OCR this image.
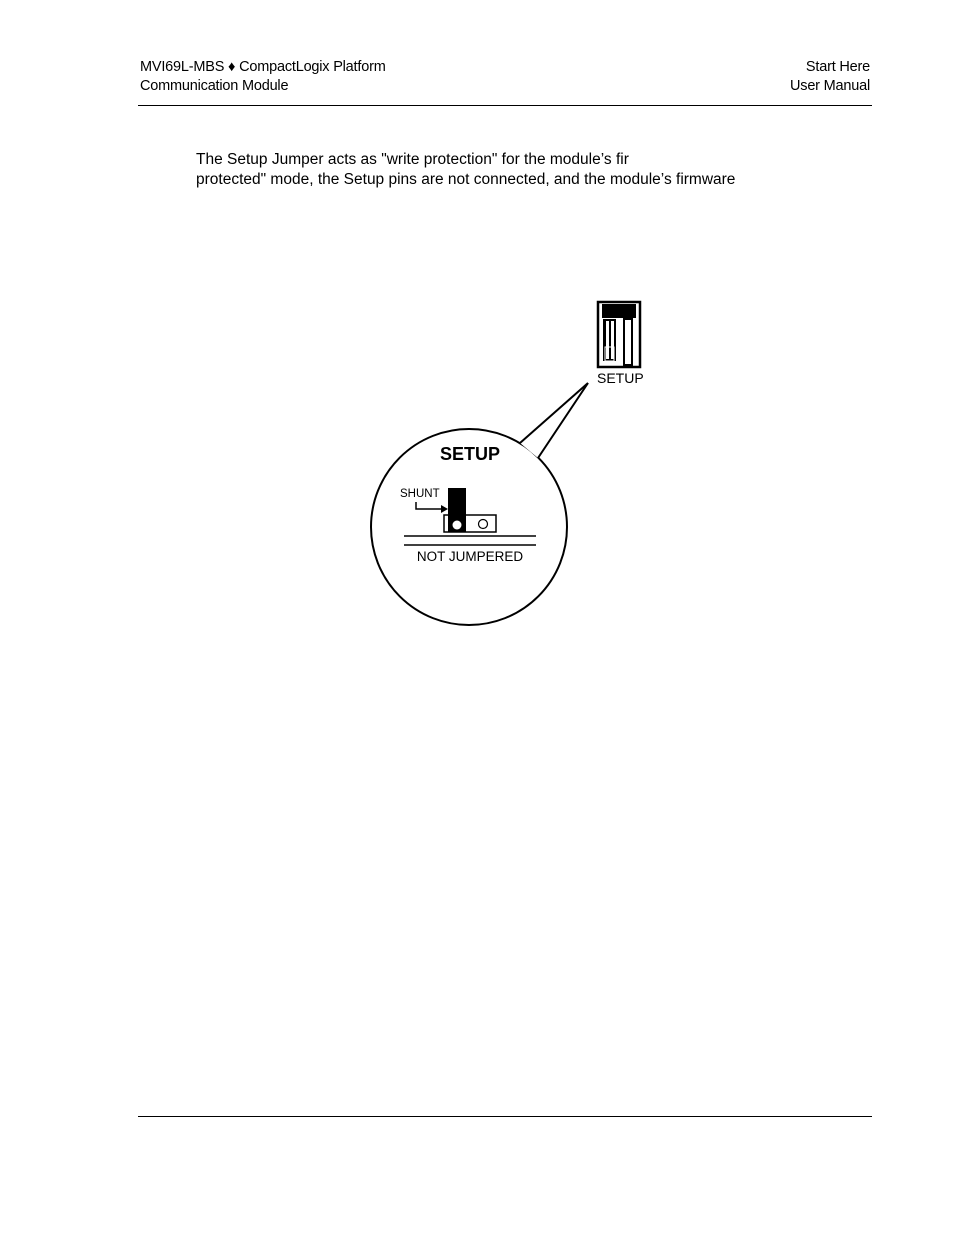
MVI69L-MBS ♦ CompactLogix Platform
Communication Module
Start Here
User Manual
The Setup Jumper acts as "write protection" for the module’s fir
protected" mode, the Setup pins are not connected, and the module’s firmware
SETUP
SETUP
SHUNT
NOT JUMPERED
